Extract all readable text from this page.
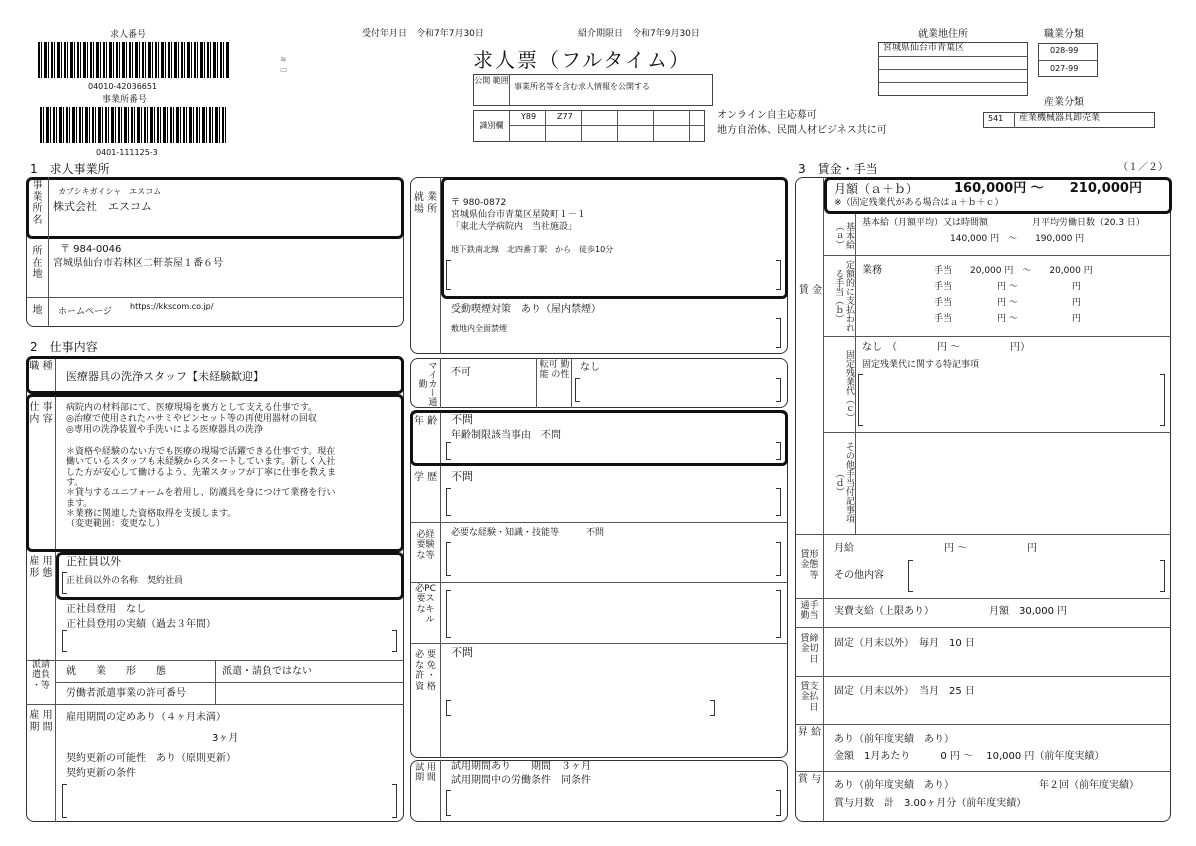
求人番号
04010-42036651
事業所番号
0401-111125-3
≋
▭
受付年月日　令和7年7月30日	紹介期限日　令和7年9月30日
求人票（フルタイム）
公開 範囲
事業所名等を含む求人情報を公開する
識別欄
Y89	Z77	オンライン自主応募可
地方自治体、民間人材ビジネス共に可
就業地住所
宮城県仙台市青葉区
職業分類
028-99
027-99
産業分類
541 産業機械器具卸売業
（１／２）
1　求人事業所
事 業 所 名
カブシキガイシャ　エスコム
株式会社　エスコム
所 在 地
〒 984-0046
宮城県仙台市若林区二軒茶屋１番６号
地	ホームページ
https://kkscom.co.jp/
2　仕事内容
職 種
医療器具の洗浄スタッフ【未経験歓迎】
仕 事 内 容
病院内の材料部にて、医療現場を裏方として支える仕事です。
◎治療で使用されたハサミやピンセット等の再使用器材の回収
◎専用の洗浄装置や手洗いによる医療器具の洗浄
＊資格や経験のない方でも医療の現場で活躍できる仕事です。現在
働いているスタッフも未経験からスタートしています。新しく入社
した方が安心して働けるよう、先輩スタッフが丁寧に仕事を教えま
す。
＊貸与するユニフォームを着用し、防護具を身につけて業務を行い
ます。
＊業務に関連した資格取得を支援します。
（変更範囲：変更なし）
雇 用 形 態
正社員以外
正社員以外の名称　契約社員
正社員登用　なし
正社員登用の実績（過去３年間）
派請 遣負 ・等
就　　業　　形　　態	派遣・請負ではない
労働者派遣事業の許可番号
雇 用 期 間
雇用期間の定めあり（４ヶ月未満）
3ヶ月
契約更新の可能性　あり（原則更新）
契約更新の条件
就 業 場 所
〒 980-0872
宮城県仙台市青葉区星陵町１－１
「東北大学病院内　当社施設」
地下鉄南北線　北四番丁駅　から　徒歩10分
受動喫煙対策　あり（屋内禁煙）
敷地内全面禁煙
マイカー通勤
不可
転可 勤能 の性
なし
年 齢 不問
年齢制限該当事由　不問
学 歴 不問
必経 要験 な等
必要な経験・知識・技能等　　　不問
必PC 要ス なキ 　ル
必 要 な 免 許 ・ 資 格
不問
試 用 期 間
試用期間あり　　期間　３ヶ月
試用期間中の労働条件　同条件
3　賃金・手当
月額（ａ＋ｂ）	160,000円 ～　　210,000円
※（固定残業代がある場合はａ＋ｂ＋ｃ）
賃 金
基本給（ａ）	基本給（月額平均）又は時間額	月平均労働日数（20.3 日）
140,000 円　～　　190,000 円
定額的に支払われる手当（ｂ）	業務	手当　　20,000 円　～　　20,000 円
手当　　　　　円 ～　　　　　　円
手当　　　　　円 ～　　　　　　円
手当　　　　　円 ～　　　　　　円
固定残業代（ｃ）
なし　（　　　　円 ～　　　　　円）
固定残業代に関する特記事項
その他手当付記事項（ｄ）
賃形 金態 　等
月給　　　　　　　　　円 ～　　　　　　円
その他内容
通手 勤当	実費支給（上限あり）　　　　　　月額　30,000 円
賃締 金切 　日
固定（月末以外）　毎月　10 日
賃支 金払 　日
固定（月末以外）　当月　25 日
昇 給
あり（前年度実績　あり）
金額　1月あたり　　　0 円 ～　 10,000 円（前年度実績）
賞 与
あり（前年度実績　あり）　　　　　　　　　年２回（前年度実績）
賞与月数　計　3.00ヶ月分（前年度実績）
